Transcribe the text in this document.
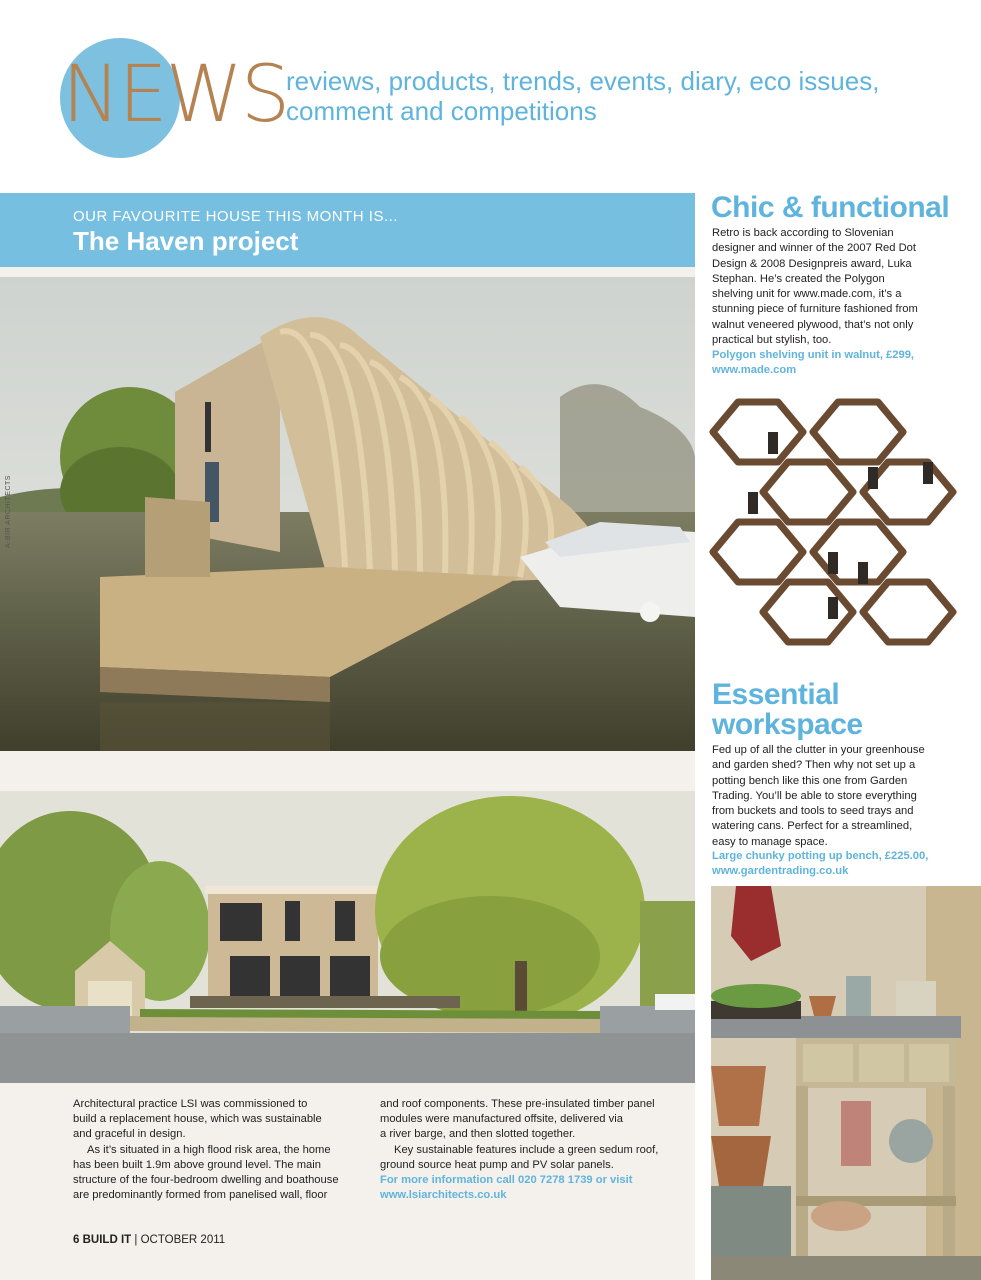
NEWS
reviews, products, trends, events, diary, eco issues,
comment and competitions
OUR FAVOURITE HOUSE THIS MONTH IS...
The Haven project
A-BIR ARCHITECTS

Architectural practice LSI was commissioned to
build a replacement house, which was sustainable
and graceful in design.

As it’s situated in a high flood risk area, the home
has been built 1.9m above ground level. The main
structure of the four-bedroom dwelling and boathouse
are predominantly formed from panelised wall, floor

and roof components. These pre-insulated timber panel
modules were manufactured offsite, delivered via
a river barge, and then slotted together.

Key sustainable features include a green sedum roof,
ground source heat pump and PV solar panels.

For more information call 020 7278 1739 or visit
www.lsiarchitects.co.uk

6 BUILD IT | OCTOBER 2011
Chic & functional
Retro is back according to Slovenian
designer and winner of the 2007 Red Dot
Design & 2008 Designpreis award, Luka
Stephan. He’s created the Polygon
shelving unit for www.made.com, it’s a
stunning piece of furniture fashioned from
walnut veneered plywood, that’s not only
practical but stylish, too.
Polygon shelving unit in walnut, £299,
www.made.com
Essential
workspace
Fed up of all the clutter in your greenhouse
and garden shed? Then why not set up a
potting bench like this one from Garden
Trading. You’ll be able to store everything
from buckets and tools to seed trays and
watering cans. Perfect for a streamlined,
easy to manage space.
Large chunky potting up bench, £225.00,
www.gardentrading.co.uk
